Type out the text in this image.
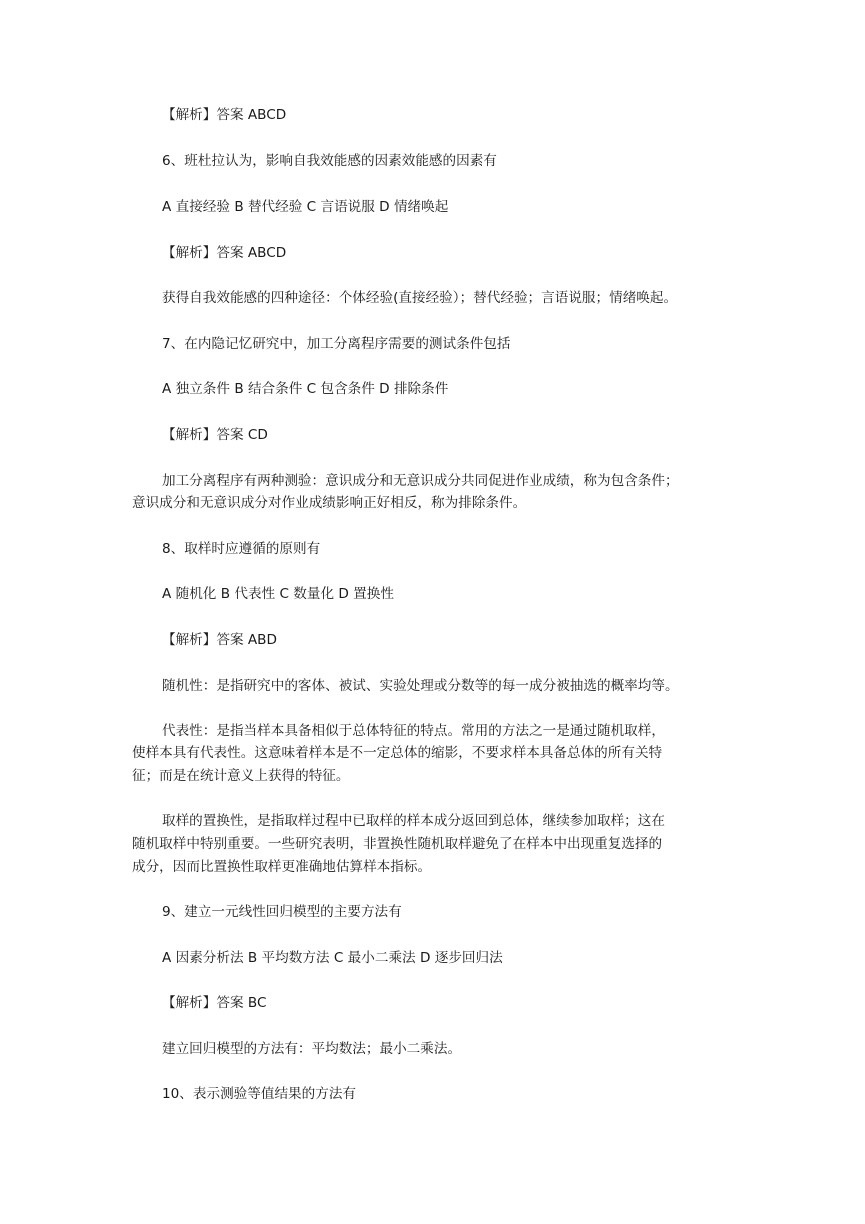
【解析】答案 ABCD
6、班杜拉认为，影响自我效能感的因素效能感的因素有
A 直接经验 B 替代经验 C 言语说服 D 情绪唤起
【解析】答案 ABCD
获得自我效能感的四种途径：个体经验(直接经验）；替代经验；言语说服；情绪唤起。
7、在内隐记忆研究中，加工分离程序需要的测试条件包括
A 独立条件 B 结合条件 C 包含条件 D 排除条件
【解析】答案 CD
加工分离程序有两种测验：意识成分和无意识成分共同促进作业成绩，称为包含条件；
意识成分和无意识成分对作业成绩影响正好相反，称为排除条件。
8、取样时应遵循的原则有
A 随机化 B 代表性 C 数量化 D 置换性
【解析】答案 ABD
随机性：是指研究中的客体、被试、实验处理或分数等的每一成分被抽选的概率均等。
代表性：是指当样本具备相似于总体特征的特点。常用的方法之一是通过随机取样，
使样本具有代表性。这意味着样本是不一定总体的缩影，不要求样本具备总体的所有关特
征；而是在统计意义上获得的特征。
取样的置换性，是指取样过程中已取样的样本成分返回到总体，继续参加取样；这在
随机取样中特别重要。一些研究表明，非置换性随机取样避免了在样本中出现重复选择的
成分，因而比置换性取样更准确地估算样本指标。
9、建立一元线性回归模型的主要方法有
A 因素分析法 B 平均数方法 C 最小二乘法 D 逐步回归法
【解析】答案 BC
建立回归模型的方法有：平均数法；最小二乘法。
10、表示测验等值结果的方法有
